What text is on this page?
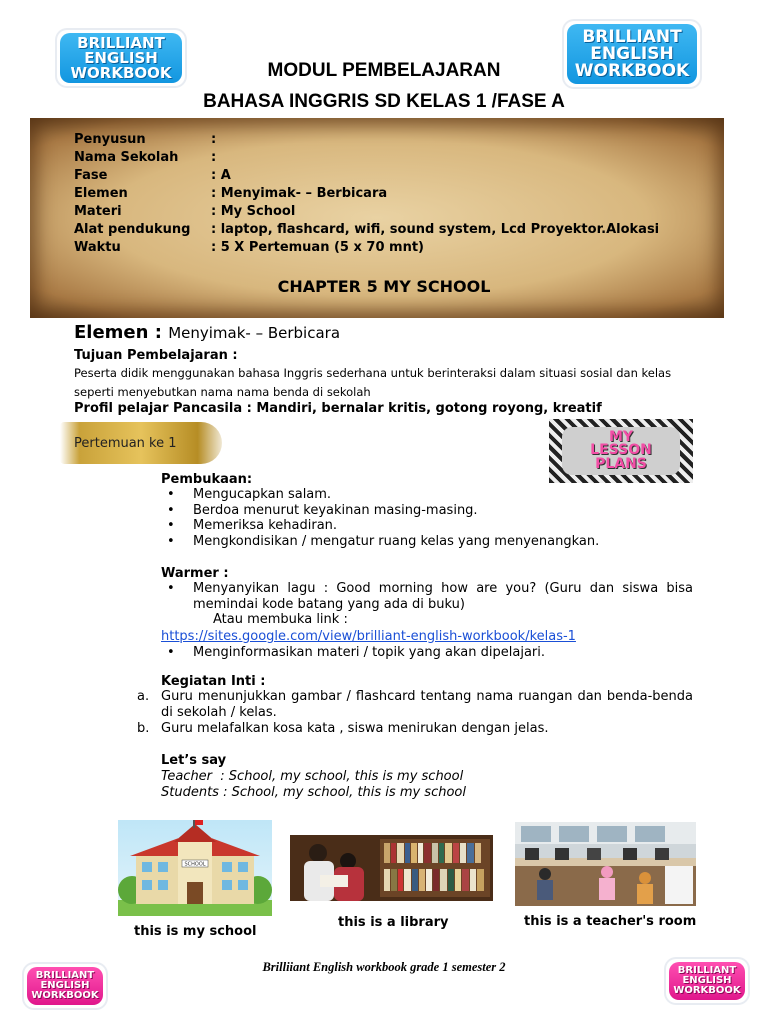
BRILLIANT
ENGLISH
WORKBOOK
BRILLIANT
ENGLISH
WORKBOOK
MODUL PEMBELAJARAN
BAHASA INGGRIS SD KELAS 1 /FASE A
Penyusun	:
Nama Sekolah	:
Fase	: A
Elemen	: Menyimak- – Berbicara
Materi	: My School
Alat pendukung : laptop, flashcard, wifi, sound system, Lcd Proyektor.Alokasi
Waktu	: 5 X Pertemuan (5 x 70 mnt)
CHAPTER 5 MY SCHOOL
Elemen : Menyimak- – Berbicara
Tujuan Pembelajaran :
Peserta didik menggunakan bahasa Inggris sederhana untuk berinteraksi dalam situasi sosial dan kelas seperti menyebutkan nama nama benda di sekolah
Profil pelajar Pancasila : Mandiri, bernalar kritis, gotong royong, kreatif
Pertemuan ke 1	MY
LESSON
PLANS
Pembukaan:
• Mengucapkan salam.
• Berdoa menurut keyakinan masing-masing.
• Memeriksa kehadiran.
• Mengkondisikan / mengatur ruang kelas yang menyenangkan.
Warmer :
• Menyanyikan lagu : Good morning how are you? (Guru dan siswa bisa memindai kode batang yang ada di buku)
Atau membuka link :
https://sites.google.com/view/brilliant-english-workbook/kelas-1
• Menginformasikan materi / topik yang akan dipelajari.
Kegiatan Inti :
a. Guru menunjukkan gambar / flashcard tentang nama ruangan dan benda-benda di sekolah / kelas.
b. Guru melafalkan kosa kata , siswa menirukan dengan jelas.
Let’s say
Teacher  : School, my school, this is my school
Students : School, my school, this is my school
SCHOOL
this is my school
this is a library	this is a teacher's room
Brilliiant English workbook grade 1 semester 2
BRILLIANT
ENGLISH
WORKBOOK
BRILLIANT
ENGLISH
WORKBOOK
